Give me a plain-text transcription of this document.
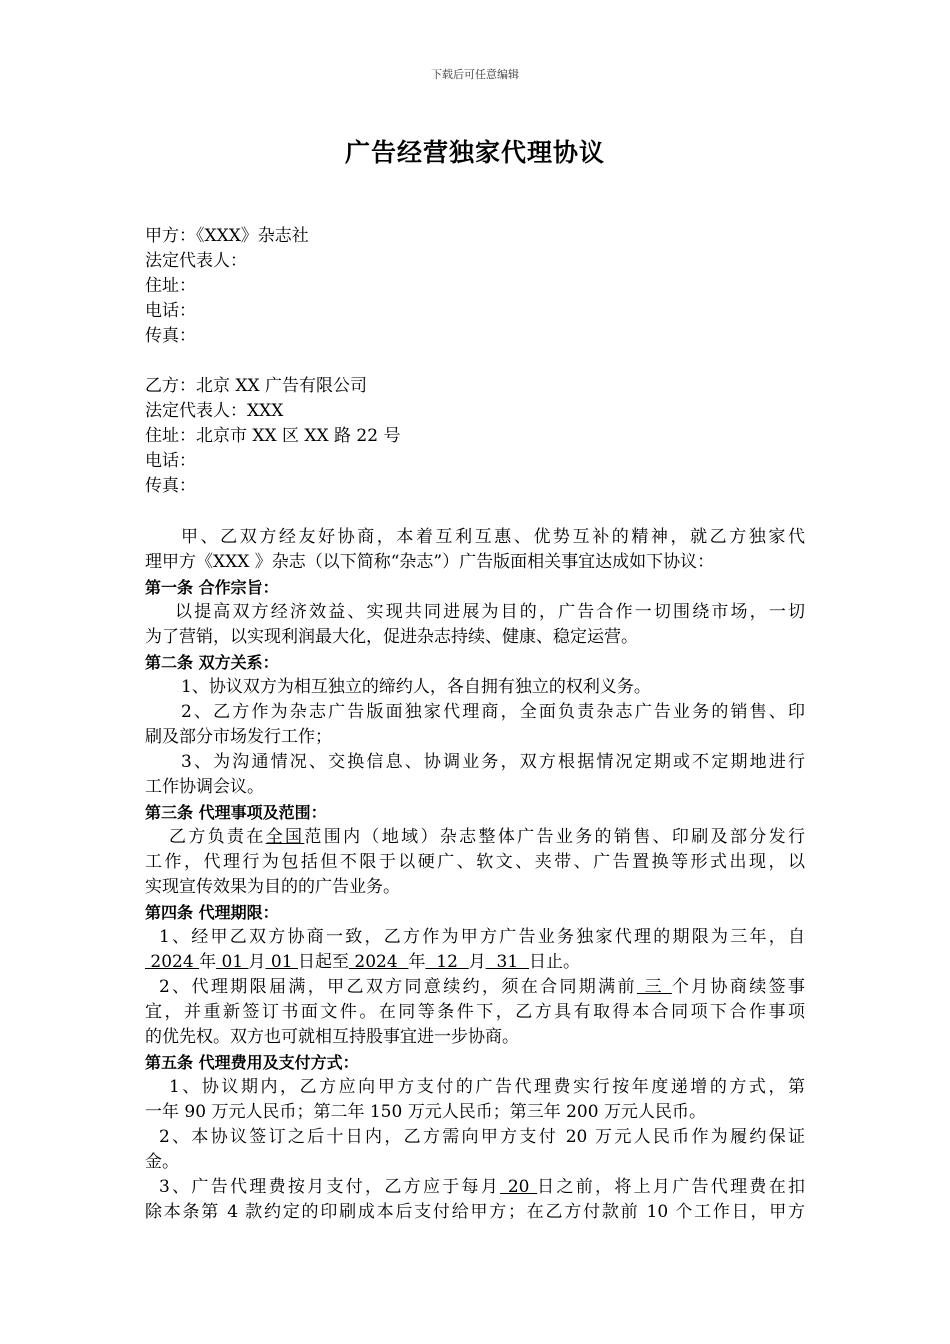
下载后可任意编辑
广告经营独家代理协议
甲方：《XXX》杂志社
法定代表人：
住址：
电话：
传真：
乙方：北京 XX 广告有限公司
法定代表人：XXX
住址：北京市 XX 区 XX 路 22 号
电话：
传真：
甲、乙双方经友好协商，本着互利互惠、优势互补的精神，就乙方独家代
理甲方《XXX 》杂志（以下简称“杂志”）广告版面相关事宜达成如下协议：
第一条 合作宗旨：
以提高双方经济效益、实现共同进展为目的，广告合作一切围绕市场，一切
为了营销，以实现利润最大化，促进杂志持续、健康、稳定运营。
第二条 双方关系：
1、协议双方为相互独立的缔约人，各自拥有独立的权利义务。
2、乙方作为杂志广告版面独家代理商，全面负责杂志广告业务的销售、印
刷及部分市场发行工作；
3、为沟通情况、交换信息、协调业务，双方根据情况定期或不定期地进行
工作协调会议。
第三条 代理事项及范围：
乙方负责在全国范围内（地域）杂志整体广告业务的销售、印刷及部分发行
工作，代理行为包括但不限于以硬广、软文、夹带、广告置换等形式出现，以
实现宣传效果为目的的广告业务。
第四条 代理期限：
1、经甲乙双方协商一致，乙方作为甲方广告业务独家代理的期限为三年，自
2024 年 01 月 01 日起至 2024  年  12  月  31  日止。
2、代理期限届满，甲乙双方同意续约，须在合同期满前 三 个月协商续签事
宜，并重新签订书面文件。在同等条件下，乙方具有取得本合同项下合作事项
的优先权。双方也可就相互持股事宜进一步协商。
第五条 代理费用及支付方式：
1、协议期内，乙方应向甲方支付的广告代理费实行按年度递增的方式，第
一年 90 万元人民币；第二年 150 万元人民币；第三年 200 万元人民币。
2、本协议签订之后十日内，乙方需向甲方支付 20 万元人民币作为履约保证
金。
3、广告代理费按月支付，乙方应于每月 20 日之前，将上月广告代理费在扣
除本条第 4 款约定的印刷成本后支付给甲方；在乙方付款前 10 个工作日，甲方
